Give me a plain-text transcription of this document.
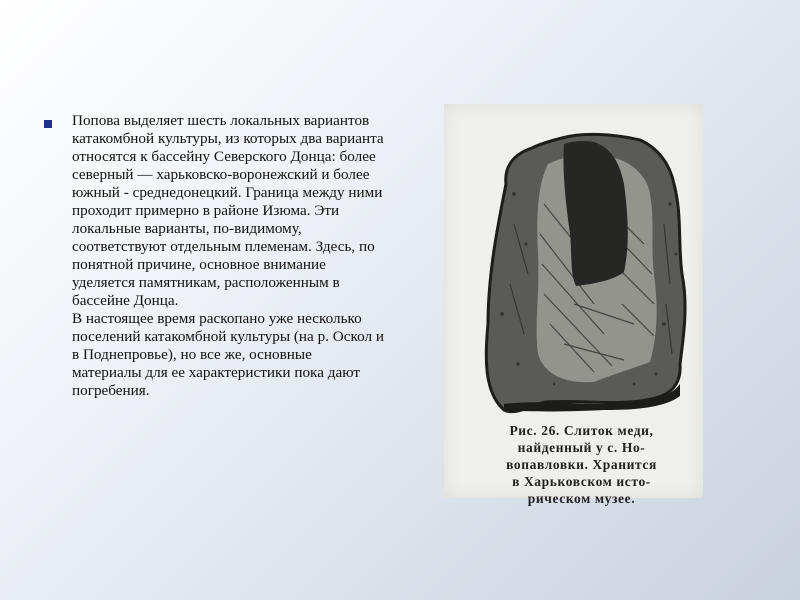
Попова выделяет шесть локальных вариантов катакомбной культуры, из которых два варианта относятся к бассейну Северского Донца: более северный — харьковско-воронежский и более южный - среднедонецкий. Граница между ними проходит примерно в районе Изюма. Эти локальные варианты, по-видимому, соответствуют отдельным племенам. Здесь, по понятной причине, основное внимание уделяется памятникам, расположенным в бассейне Донца.

В настоящее время раскопано уже несколько поселений катакомбной культуры (на р. Оскол и в Поднепровье), но все же, основные материалы для ее характеристики пока дают погребения.

Рис. 26. Слиток меди,
найденный у с. Но-
вопавловки. Хранится
в Харьковском исто-
рическом музее.
